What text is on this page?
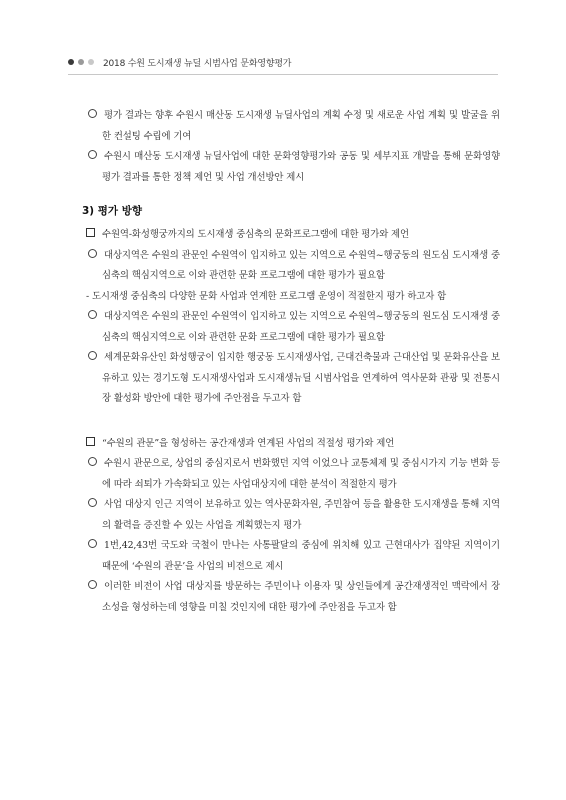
2018 수원 도시재생 뉴딜 시범사업 문화영향평가
평가 결과는 향후 수원시 매산동 도시재생 뉴딜사업의 계획 수정 및 새로운 사업 계획 및 발굴을 위한 컨설팅 수립에 기여
수원시 매산동 도시재생 뉴딜사업에 대한 문화영향평가와 공동 및 세부지표 개발을 통해 문화영향평가 결과를 통한 정책 제언 및 사업 개선방안 제시
3) 평가 방향
수원역-화성행궁까지의 도시재생 중심축의 문화프로그램에 대한 평가와 제언
대상지역은 수원의 관문인 수원역이 입지하고 있는 지역으로 수원역~행궁동의 원도심 도시재생 중심축의 핵심지역으로 이와 관련한 문화 프로그램에 대한 평가가 필요함
- 도시재생 중심축의 다양한 문화 사업과 연계한 프로그램 운영이 적절한지 평가 하고자 함
대상지역은 수원의 관문인 수원역이 입지하고 있는 지역으로 수원역~행궁동의 원도심 도시재생 중심축의 핵심지역으로 이와 관련한 문화 프로그램에 대한 평가가 필요함
세계문화유산인 화성행궁이 입지한 행궁동 도시재생사업, 근대건축물과 근대산업 및 문화유산을 보유하고 있는 경기도형 도시재생사업과 도시재생뉴딜 시범사업을 연계하여 역사문화 관광 및 전통시장 활성화 방안에 대한 평가에 주안점을 두고자 함
“수원의 관문”을 형성하는 공간재생과 연계된 사업의 적절성 평가와 제언
수원시 관문으로, 상업의 중심지로서 번화했던 지역 이었으나 교통체제 및 중심시가지 기능 변화 등에 따라 쇠퇴가 가속화되고 있는 사업대상지에 대한 분석이 적절한지 평가
사업 대상지 인근 지역이 보유하고 있는 역사문화자원, 주민참여 등을 활용한 도시재생을 통해 지역의 활력을 증진할 수 있는 사업을 계획했는지 평가
1번,42,43번 국도와 국철이 만나는 사통팔달의 중심에 위치해 있고 근현대사가 집약된 지역이기 때문에 ‘수원의 관문’을 사업의 비전으로 제시
이러한 비전이 사업 대상지를 방문하는 주민이나 이용자 및 상인들에게 공간재생적인 맥락에서 장소성을 형성하는데 영향을 미칠 것인지에 대한 평가에 주안점을 두고자 함
